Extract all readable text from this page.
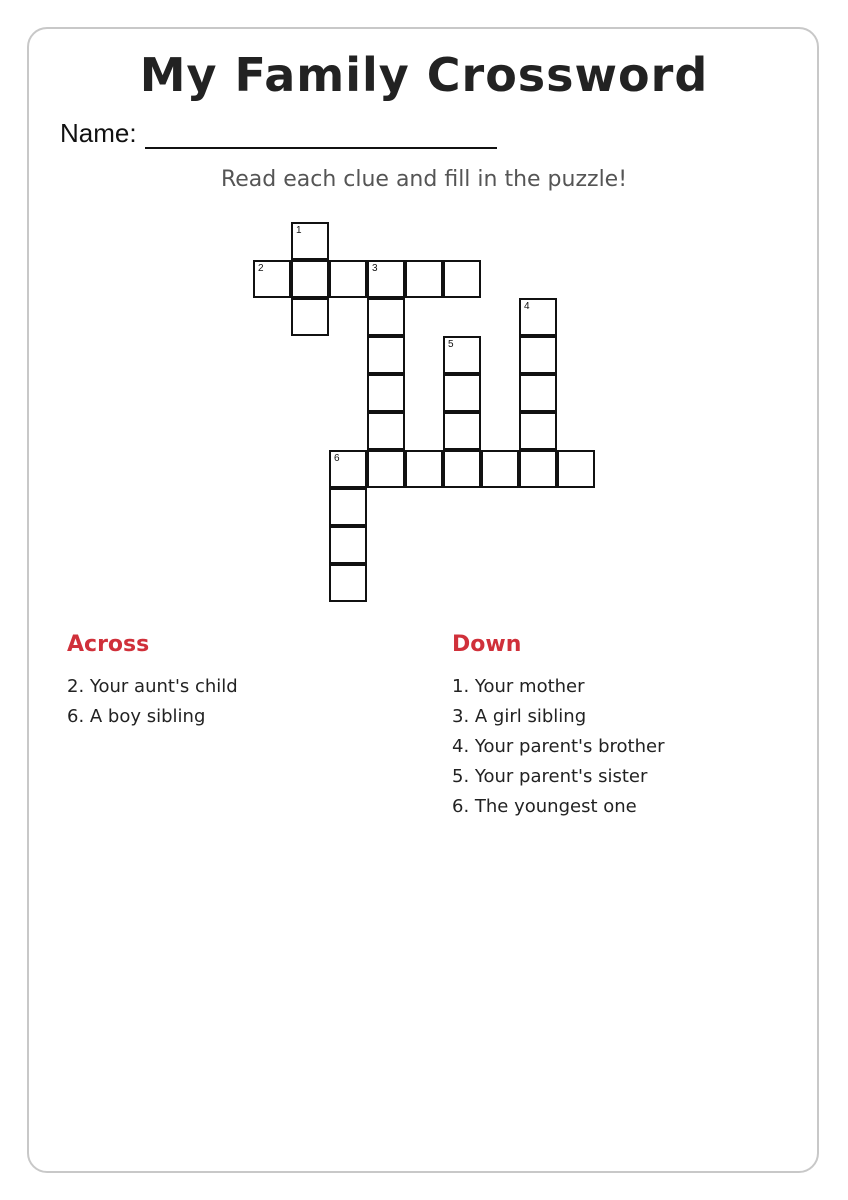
My Family Crossword
Name:
Read each clue and fill in the puzzle!
1
2	3
4
5
6
Across
2. Your aunt's child
6. A boy sibling
Down
1. Your mother
3. A girl sibling
4. Your parent's brother
5. Your parent's sister
6. The youngest one
